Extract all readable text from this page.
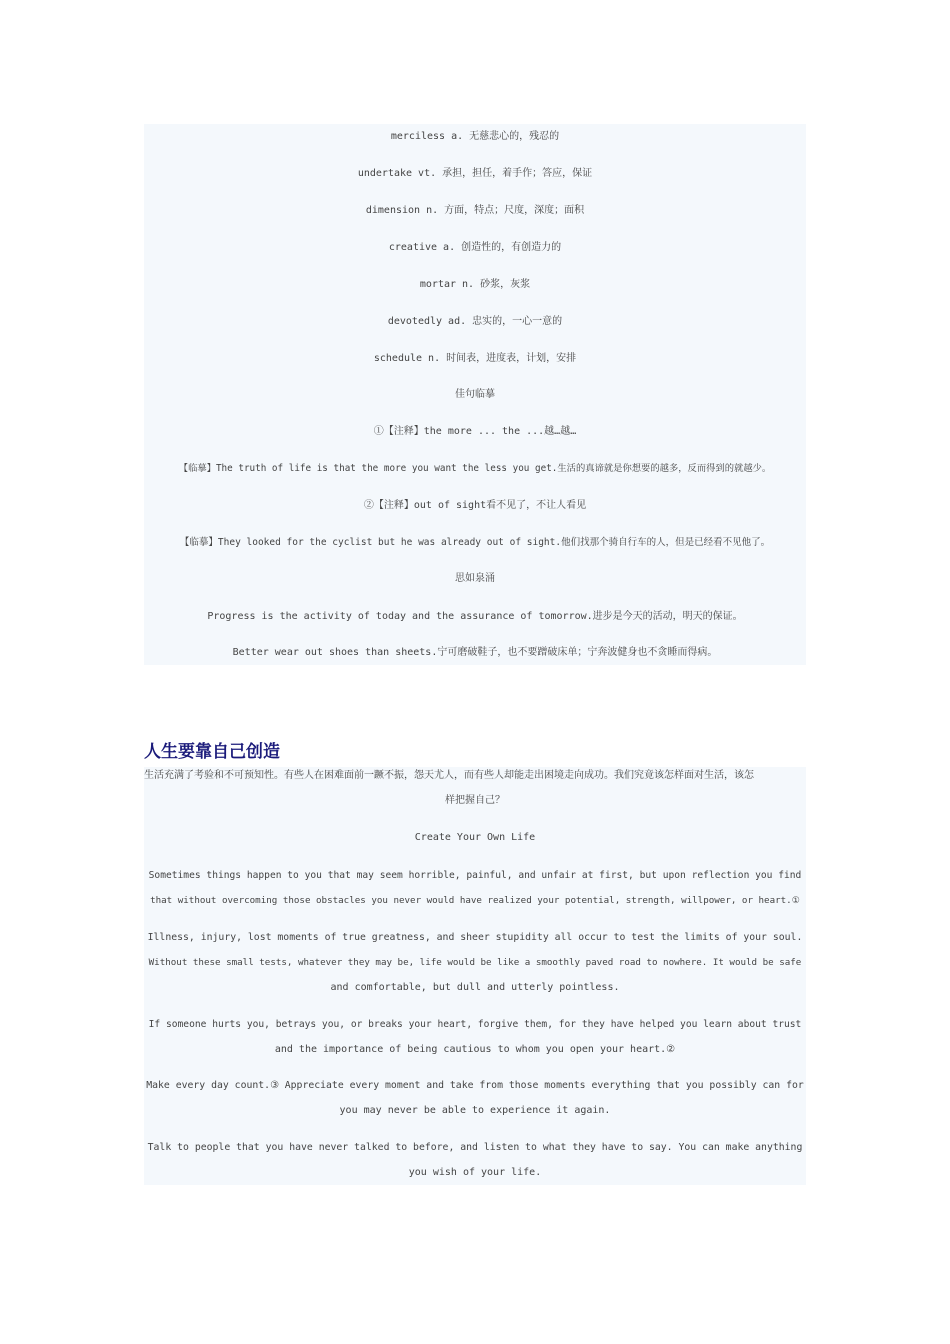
merciless a. 无慈悲心的，残忍的
undertake vt. 承担，担任，着手作；答应，保证
dimension n. 方面，特点；尺度，深度；面积
creative a. 创造性的，有创造力的
mortar n. 砂浆，灰浆
devotedly ad. 忠实的，一心一意的
schedule n. 时间表，进度表，计划，安排
佳句临摹
①【注释】the more ... the ...越…越…
【临摹】The truth of life is that the more you want the less you get.生活的真谛就是你想要的越多，反而得到的就越少。
②【注释】out of sight看不见了，不让人看见
【临摹】They looked for the cyclist but he was already out of sight.他们找那个骑自行车的人，但是已经看不见他了。
思如泉涌
Progress is the activity of today and the assurance of tomorrow.进步是今天的活动，明天的保证。
Better wear out shoes than sheets.宁可磨破鞋子，也不要蹭破床单；宁奔波健身也不贪睡而得病。
人生要靠自己创造
生活充满了考验和不可预知性。有些人在困难面前一蹶不振，怨天尤人，而有些人却能走出困境走向成功。我们究竟该怎样面对生活，该怎
样把握自己？
Create Your Own Life
Sometimes things happen to you that may seem horrible, painful, and unfair at first, but upon reflection you find
that without overcoming those obstacles you never would have realized your potential, strength, willpower, or heart.①
Illness, injury, lost moments of true greatness, and sheer stupidity all occur to test the limits of your soul.
Without these small tests, whatever they may be, life would be like a smoothly paved road to nowhere. It would be safe
and comfortable, but dull and utterly pointless.
If someone hurts you, betrays you, or breaks your heart, forgive them, for they have helped you learn about trust
and the importance of being cautious to whom you open your heart.②
Make every day count.③ Appreciate every moment and take from those moments everything that you possibly can for
you may never be able to experience it again.
Talk to people that you have never talked to before, and listen to what they have to say. You can make anything
you wish of your life.
